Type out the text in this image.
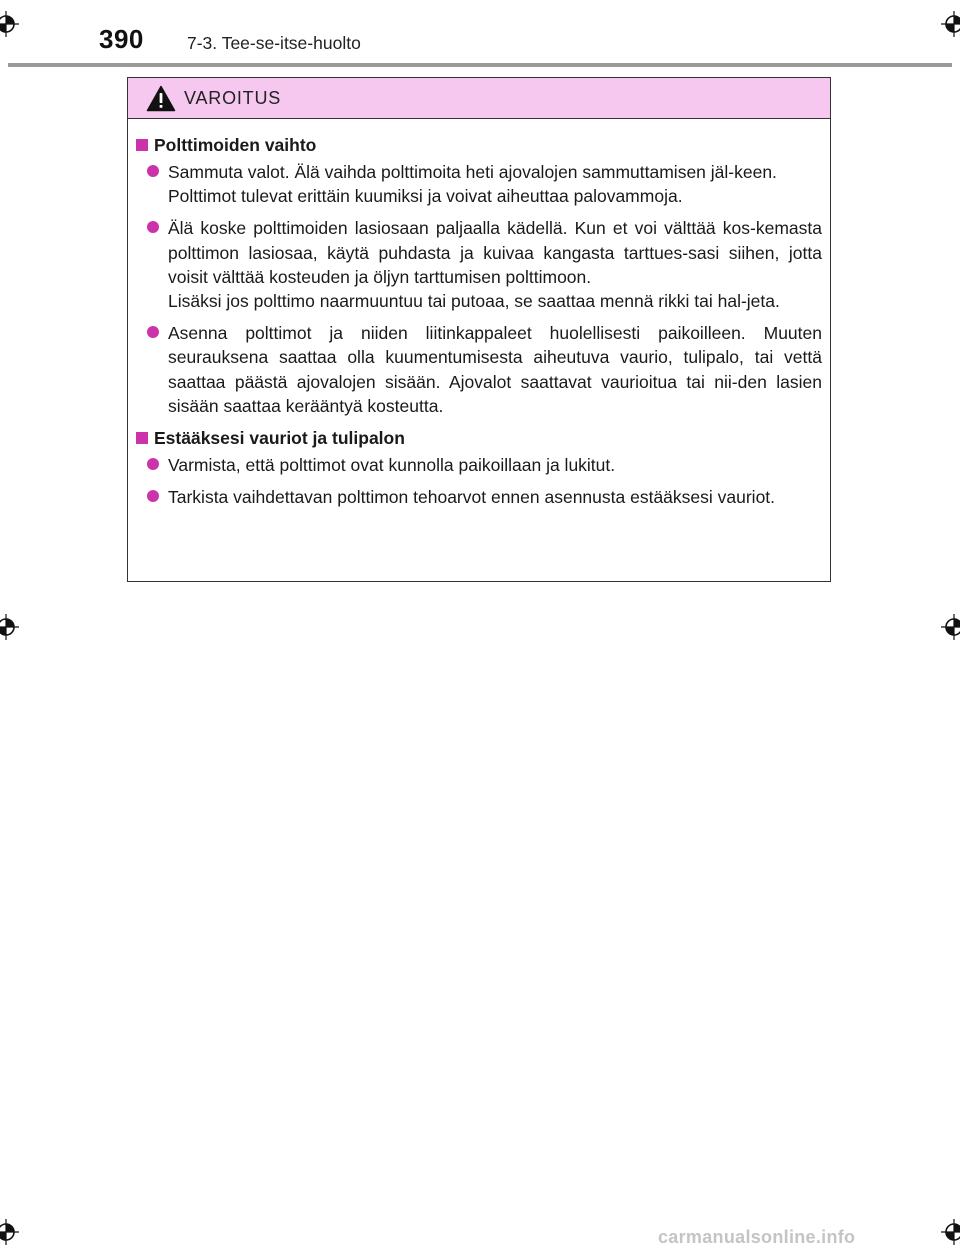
390 7-3. Tee-se-itse-huolto
VAROITUS
Polttimoiden vaihto

Sammuta valot. Älä vaihda polttimoita heti ajovalojen sammuttamisen jäl-keen.

Polttimot tulevat erittäin kuumiksi ja voivat aiheuttaa palovammoja.

Älä koske polttimoiden lasiosaan paljaalla kädellä. Kun et voi välttää kos-kemasta polttimon lasiosaa, käytä puhdasta ja kuivaa kangasta tarttues-sasi siihen, jotta voisit välttää kosteuden ja öljyn tarttumisen polttimoon.

Lisäksi jos polttimo naarmuuntuu tai putoaa, se saattaa mennä rikki tai hal-jeta.

Asenna polttimot ja niiden liitinkappaleet huolellisesti paikoilleen. Muuten seurauksena saattaa olla kuumentumisesta aiheutuva vaurio, tulipalo, tai vettä saattaa päästä ajovalojen sisään. Ajovalot saattavat vaurioitua tai nii-den lasien sisään saattaa kerääntyä kosteutta.

Estääksesi vauriot ja tulipalon

Varmista, että polttimot ovat kunnolla paikoillaan ja lukitut.

Tarkista vaihdettavan polttimon tehoarvot ennen asennusta estääksesi vauriot.

carmanualsonline.info
